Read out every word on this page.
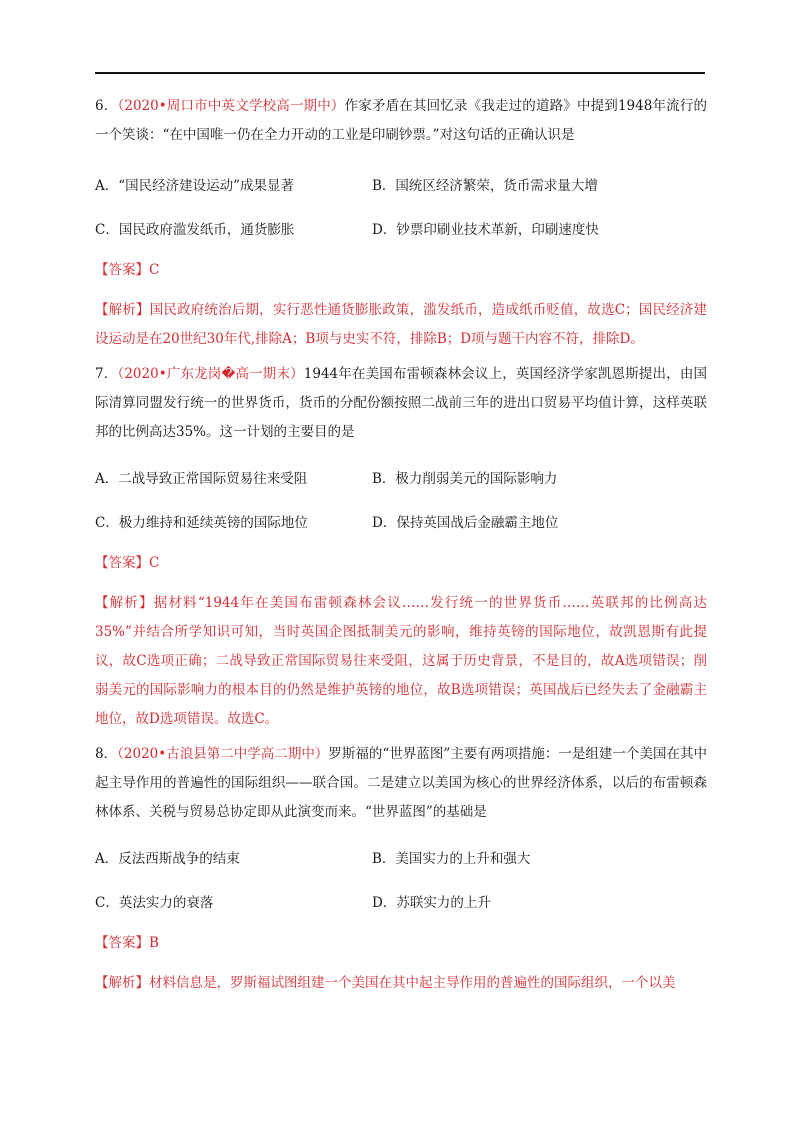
6．（2020•周口市中英文学校高一期中）作家矛盾在其回忆录《我走过的道路》中提到1948年流行的一个笑谈：“在中国唯一仍在全力开动的工业是印刷钞票。”对这句话的正确认识是

A．“国民经济建设运动”成果显著	B．国统区经济繁荣，货币需求量大增
C．国民政府滥发纸币，通货膨胀	D．钞票印刷业技术革新，印刷速度快

【答案】C

【解析】国民政府统治后期，实行恶性通货膨胀政策，滥发纸币，造成纸币贬值，故选C；国民经济建设运动是在20世纪30年代,排除A；B项与史实不符，排除B；D项与题干内容不符，排除D。

7．（2020•广东龙岗�高一期末）1944年在美国布雷顿森林会议上，英国经济学家凯恩斯提出，由国际清算同盟发行统一的世界货币，货币的分配份额按照二战前三年的进出口贸易平均值计算，这样英联邦的比例高达35%。这一计划的主要目的是

A．二战导致正常国际贸易往来受阻	B．极力削弱美元的国际影响力
C．极力维持和延续英镑的国际地位	D．保持英国战后金融霸主地位

【答案】C

【解析】据材料“1944年在美国布雷顿森林会议……发行统一的世界货币……英联邦的比例高达35%”并结合所学知识可知，当时英国企图抵制美元的影响，维持英镑的国际地位，故凯恩斯有此提议，故C选项正确；二战导致正常国际贸易往来受阻，这属于历史背景，不是目的，故A选项错误；削弱美元的国际影响力的根本目的仍然是维护英镑的地位，故B选项错误；英国战后已经失去了金融霸主地位，故D选项错误。故选C。

8．（2020•古浪县第二中学高二期中）罗斯福的“世界蓝图”主要有两项措施：一是组建一个美国在其中起主导作用的普遍性的国际组织——联合国。二是建立以美国为核心的世界经济体系，以后的布雷顿森林体系、关税与贸易总协定即从此演变而来。“世界蓝图”的基础是

A．反法西斯战争的结束	B．美国实力的上升和强大
C．英法实力的衰落	D．苏联实力的上升

【答案】B

【解析】材料信息是，罗斯福试图组建一个美国在其中起主导作用的普遍性的国际组织，一个以美
